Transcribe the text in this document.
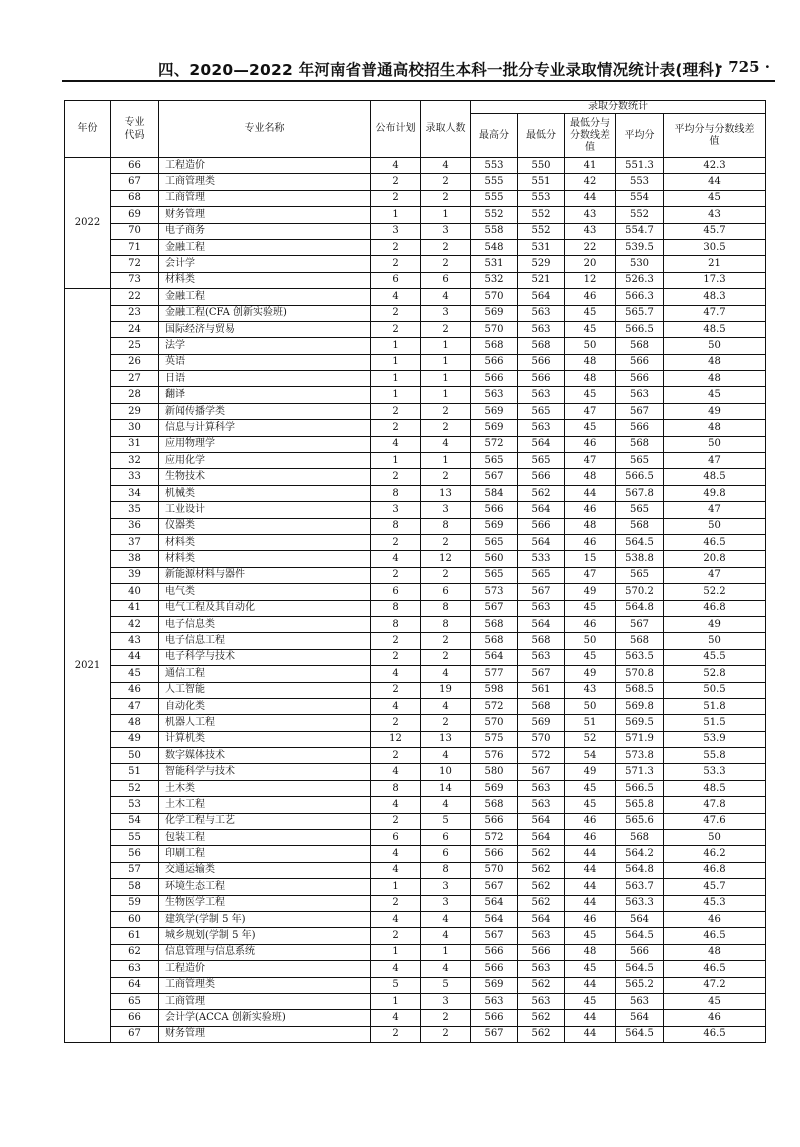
四、2020—2022 年河南省普通高校招生本科一批分专业录取情况统计表(理科)
· 725 ·
年份	专业代码	专业名称	公布计划	录取人数	录取分数统计				
					最高分	最低分	最低分与分数线差值	平均分	平均分与分数线差值
2022	66	工程造价	4	4	553	550	41	551.3	42.3
	67	工商管理类	2	2	555	551	42	553	44
	68	工商管理	2	2	555	553	44	554	45
	69	财务管理	1	1	552	552	43	552	43
	70	电子商务	3	3	558	552	43	554.7	45.7
	71	金融工程	2	2	548	531	22	539.5	30.5
	72	会计学	2	2	531	529	20	530	21
	73	材料类	6	6	532	521	12	526.3	17.3
2021	22	金融工程	4	4	570	564	46	566.3	48.3
	23	金融工程(CFA 创新实验班)	2	3	569	563	45	565.7	47.7
	24	国际经济与贸易	2	2	570	563	45	566.5	48.5
	25	法学	1	1	568	568	50	568	50
	26	英语	1	1	566	566	48	566	48
	27	日语	1	1	566	566	48	566	48
	28	翻译	1	1	563	563	45	563	45
	29	新闻传播学类	2	2	569	565	47	567	49
	30	信息与计算科学	2	2	569	563	45	566	48
	31	应用物理学	4	4	572	564	46	568	50
	32	应用化学	1	1	565	565	47	565	47
	33	生物技术	2	2	567	566	48	566.5	48.5
	34	机械类	8	13	584	562	44	567.8	49.8
	35	工业设计	3	3	566	564	46	565	47
	36	仪器类	8	8	569	566	48	568	50
	37	材料类	2	2	565	564	46	564.5	46.5
	38	材料类	4	12	560	533	15	538.8	20.8
	39	新能源材料与器件	2	2	565	565	47	565	47
	40	电气类	6	6	573	567	49	570.2	52.2
	41	电气工程及其自动化	8	8	567	563	45	564.8	46.8
	42	电子信息类	8	8	568	564	46	567	49
	43	电子信息工程	2	2	568	568	50	568	50
	44	电子科学与技术	2	2	564	563	45	563.5	45.5
	45	通信工程	4	4	577	567	49	570.8	52.8
	46	人工智能	2	19	598	561	43	568.5	50.5
	47	自动化类	4	4	572	568	50	569.8	51.8
	48	机器人工程	2	2	570	569	51	569.5	51.5
	49	计算机类	12	13	575	570	52	571.9	53.9
	50	数字媒体技术	2	4	576	572	54	573.8	55.8
	51	智能科学与技术	4	10	580	567	49	571.3	53.3
	52	土木类	8	14	569	563	45	566.5	48.5
	53	土木工程	4	4	568	563	45	565.8	47.8
	54	化学工程与工艺	2	5	566	564	46	565.6	47.6
	55	包装工程	6	6	572	564	46	568	50
	56	印刷工程	4	6	566	562	44	564.2	46.2
	57	交通运输类	4	8	570	562	44	564.8	46.8
	58	环境生态工程	1	3	567	562	44	563.7	45.7
	59	生物医学工程	2	3	564	562	44	563.3	45.3
	60	建筑学(学制 5 年)	4	4	564	564	46	564	46
	61	城乡规划(学制 5 年)	2	4	567	563	45	564.5	46.5
	62	信息管理与信息系统	1	1	566	566	48	566	48
	63	工程造价	4	4	566	563	45	564.5	46.5
	64	工商管理类	5	5	569	562	44	565.2	47.2
	65	工商管理	1	3	563	563	45	563	45
	66	会计学(ACCA 创新实验班)	4	2	566	562	44	564	46
	67	财务管理	2	2	567	562	44	564.5	46.5
